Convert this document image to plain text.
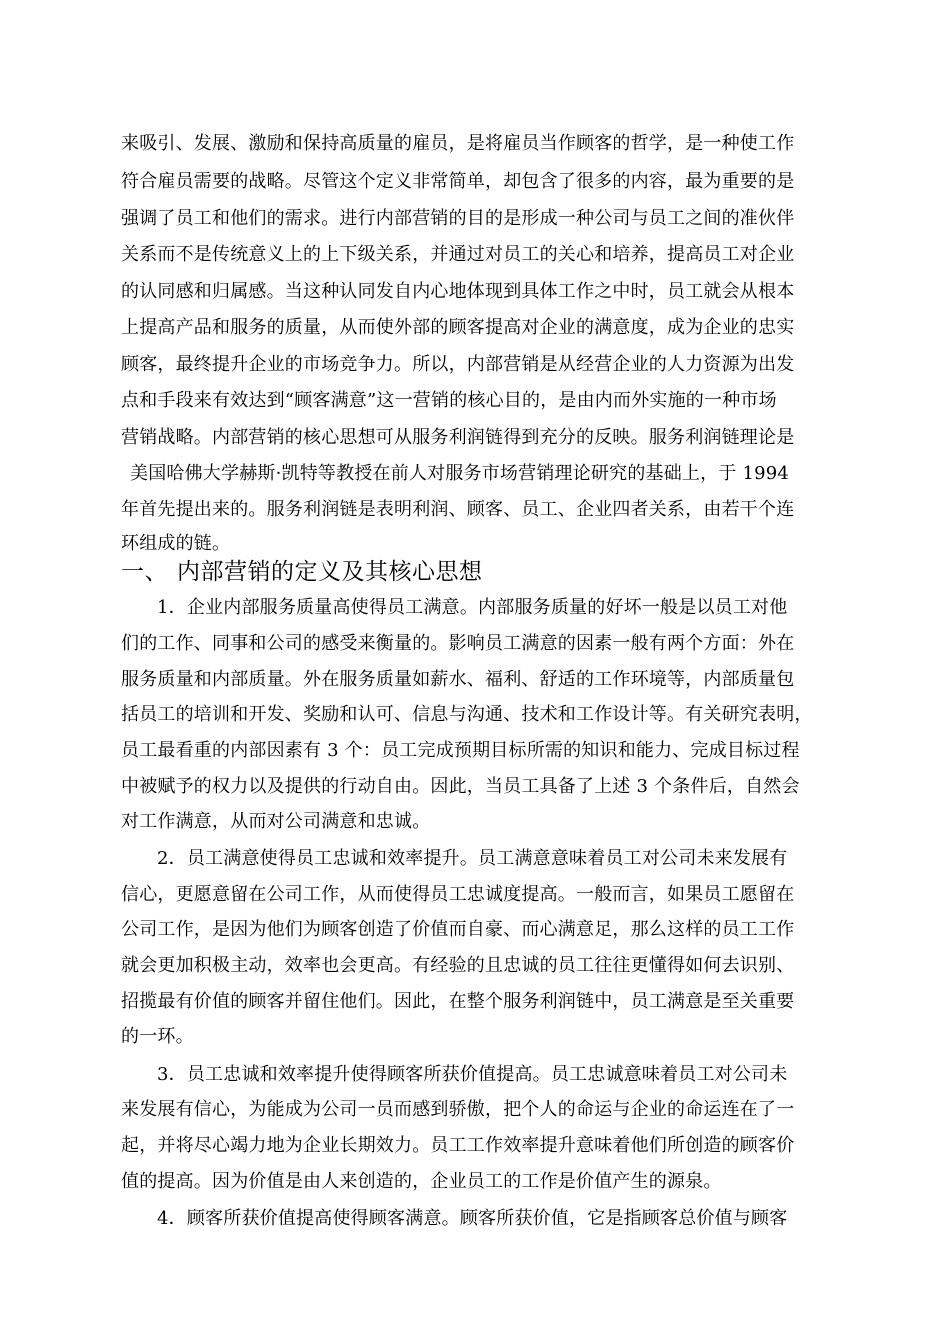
来吸引、发展、激励和保持高质量的雇员，是将雇员当作顾客的哲学，是一种使工作
符合雇员需要的战略。尽管这个定义非常简单，却包含了很多的内容，最为重要的是
强调了员工和他们的需求。进行内部营销的目的是形成一种公司与员工之间的准伙伴
关系而不是传统意义上的上下级关系，并通过对员工的关心和培养，提高员工对企业
的认同感和归属感。当这种认同发自内心地体现到具体工作之中时，员工就会从根本
上提高产品和服务的质量，从而使外部的顾客提高对企业的满意度，成为企业的忠实
顾客，最终提升企业的市场竞争力。所以，内部营销是从经营企业的人力资源为出发
点和手段来有效达到“顾客满意”这一营销的核心目的，是由内而外实施的一种市场
营销战略。内部营销的核心思想可从服务利润链得到充分的反映。服务利润链理论是
美国哈佛大学赫斯·凯特等教授在前人对服务市场营销理论研究的基础上，于 1994
年首先提出来的。服务利润链是表明利润、顾客、员工、企业四者关系，由若干个连
环组成的链。
一、 内部营销的定义及其核心思想
1．企业内部服务质量高使得员工满意。内部服务质量的好坏一般是以员工对他
们的工作、同事和公司的感受来衡量的。影响员工满意的因素一般有两个方面：外在
服务质量和内部质量。外在服务质量如薪水、福利、舒适的工作环境等，内部质量包
括员工的培训和开发、奖励和认可、信息与沟通、技术和工作设计等。有关研究表明，
员工最看重的内部因素有 3 个：员工完成预期目标所需的知识和能力、完成目标过程
中被赋予的权力以及提供的行动自由。因此，当员工具备了上述 3 个条件后，自然会
对工作满意，从而对公司满意和忠诚。
2．员工满意使得员工忠诚和效率提升。员工满意意味着员工对公司未来发展有
信心，更愿意留在公司工作，从而使得员工忠诚度提高。一般而言，如果员工愿留在
公司工作，是因为他们为顾客创造了价值而自豪、而心满意足，那么这样的员工工作
就会更加积极主动，效率也会更高。有经验的且忠诚的员工往往更懂得如何去识别、
招揽最有价值的顾客并留住他们。因此，在整个服务利润链中，员工满意是至关重要
的一环。
3．员工忠诚和效率提升使得顾客所获价值提高。员工忠诚意味着员工对公司未
来发展有信心，为能成为公司一员而感到骄傲，把个人的命运与企业的命运连在了一
起，并将尽心竭力地为企业长期效力。员工工作效率提升意味着他们所创造的顾客价
值的提高。因为价值是由人来创造的，企业员工的工作是价值产生的源泉。
4．顾客所获价值提高使得顾客满意。顾客所获价值，它是指顾客总价值与顾客
